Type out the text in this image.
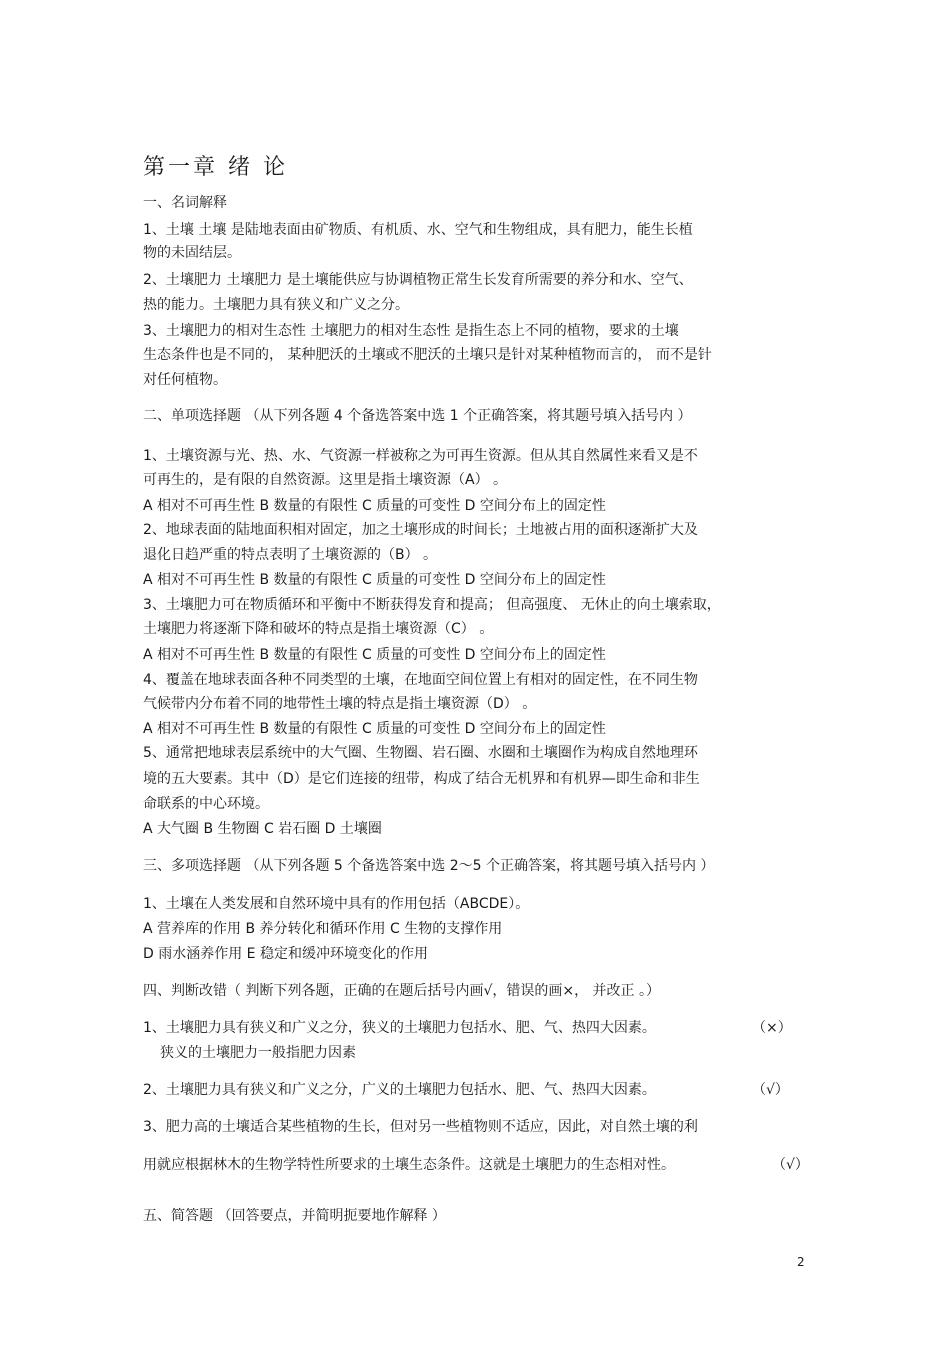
第一章 绪 论
一、名词解释
1、土壤 土壤 是陆地表面由矿物质、有机质、水、空气和生物组成，具有肥力，能生长植
物的未固结层。
2、土壤肥力 土壤肥力 是土壤能供应与协调植物正常生长发育所需要的养分和水、空气、
热的能力。土壤肥力具有狭义和广义之分。
3、土壤肥力的相对生态性 土壤肥力的相对生态性 是指生态上不同的植物，要求的土壤
生态条件也是不同的， 某种肥沃的土壤或不肥沃的土壤只是针对某种植物而言的， 而不是针
对任何植物。
二、单项选择题 （从下列各题 4 个备选答案中选 1 个正确答案，将其题号填入括号内 ）
1、土壤资源与光、热、水、气资源一样被称之为可再生资源。但从其自然属性来看又是不
可再生的，是有限的自然资源。这里是指土壤资源（A） 。
A 相对不可再生性 B 数量的有限性 C 质量的可变性 D 空间分布上的固定性
2、地球表面的陆地面积相对固定，加之土壤形成的时间长；土地被占用的面积逐渐扩大及
退化日趋严重的特点表明了土壤资源的（B） 。
A 相对不可再生性 B 数量的有限性 C 质量的可变性 D 空间分布上的固定性
3、土壤肥力可在物质循环和平衡中不断获得发育和提高； 但高强度、 无休止的向土壤索取，
土壤肥力将逐渐下降和破坏的特点是指土壤资源（C） 。
A 相对不可再生性 B 数量的有限性 C 质量的可变性 D 空间分布上的固定性
4、覆盖在地球表面各种不同类型的土壤，在地面空间位置上有相对的固定性，在不同生物
气候带内分布着不同的地带性土壤的特点是指土壤资源（D） 。
A 相对不可再生性 B 数量的有限性 C 质量的可变性 D 空间分布上的固定性
5、通常把地球表层系统中的大气圈、生物圈、岩石圈、水圈和土壤圈作为构成自然地理环
境的五大要素。其中（D）是它们连接的纽带，构成了结合无机界和有机界—即生命和非生
命联系的中心环境。
A 大气圈 B 生物圈 C 岩石圈 D 土壤圈
三、多项选择题 （从下列各题 5 个备选答案中选 2～5 个正确答案，将其题号填入括号内 ）
1、土壤在人类发展和自然环境中具有的作用包括（ABCDE）。
A 营养库的作用 B 养分转化和循环作用 C 生物的支撑作用
D 雨水涵养作用 E 稳定和缓冲环境变化的作用
四、判断改错（ 判断下列各题，正确的在题后括号内画√，错误的画×， 并改正 。）
1、土壤肥力具有狭义和广义之分，狭义的土壤肥力包括水、肥、气、热四大因素。	（×）
狭义的土壤肥力一般指肥力因素
2、土壤肥力具有狭义和广义之分，广义的土壤肥力包括水、肥、气、热四大因素。	（√）
3、肥力高的土壤适合某些植物的生长，但对另一些植物则不适应，因此，对自然土壤的利
用就应根据林木的生物学特性所要求的土壤生态条件。这就是土壤肥力的生态相对性。	（√）
五、简答题 （回答要点，并简明扼要地作解释 ）
2
